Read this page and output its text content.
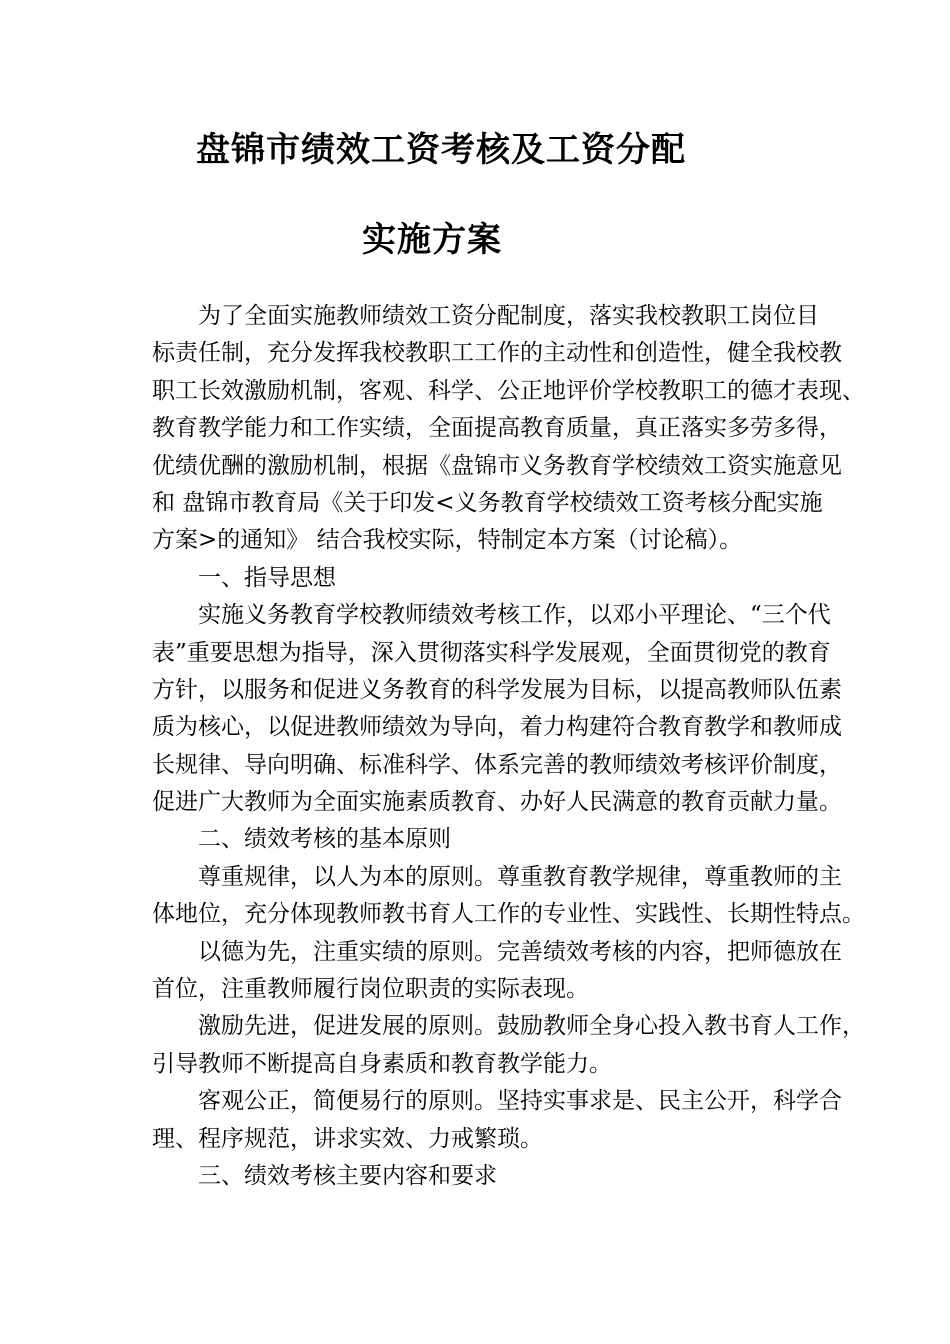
盘锦市绩效工资考核及工资分配
实施方案
为了全面实施教师绩效工资分配制度，落实我校教职工岗位目
标责任制，充分发挥我校教职工工作的主动性和创造性，健全我校教
职工长效激励机制，客观、科学、公正地评价学校教职工的德才表现、
教育教学能力和工作实绩，全面提高教育质量，真正落实多劳多得，
优绩优酬的激励机制，根据《盘锦市义务教育学校绩效工资实施意见
和 盘锦市教育局《关于印发<义务教育学校绩效工资考核分配实施
方案>的通知》 结合我校实际，特制定本方案（讨论稿）。
一、指导思想
实施义务教育学校教师绩效考核工作，以邓小平理论、“三个代
表”重要思想为指导，深入贯彻落实科学发展观，全面贯彻党的教育
方针，以服务和促进义务教育的科学发展为目标，以提高教师队伍素
质为核心，以促进教师绩效为导向，着力构建符合教育教学和教师成
长规律、导向明确、标准科学、体系完善的教师绩效考核评价制度，
促进广大教师为全面实施素质教育、办好人民满意的教育贡献力量。
二、绩效考核的基本原则
尊重规律，以人为本的原则。尊重教育教学规律，尊重教师的主
体地位，充分体现教师教书育人工作的专业性、实践性、长期性特点。
以德为先，注重实绩的原则。完善绩效考核的内容，把师德放在
首位，注重教师履行岗位职责的实际表现。
激励先进，促进发展的原则。鼓励教师全身心投入教书育人工作，
引导教师不断提高自身素质和教育教学能力。
客观公正，简便易行的原则。坚持实事求是、民主公开，科学合
理、程序规范，讲求实效、力戒繁琐。
三、绩效考核主要内容和要求
